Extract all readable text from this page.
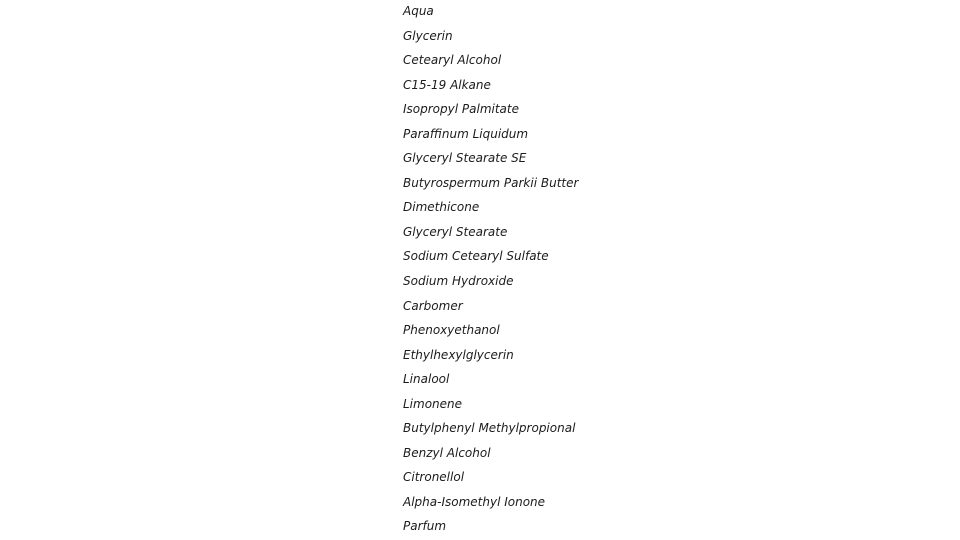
Aqua
Glycerin
Cetearyl Alcohol
C15-19 Alkane
Isopropyl Palmitate
Paraffinum Liquidum
Glyceryl Stearate SE
Butyrospermum Parkii Butter
Dimethicone
Glyceryl Stearate
Sodium Cetearyl Sulfate
Sodium Hydroxide
Carbomer
Phenoxyethanol
Ethylhexylglycerin
Linalool
Limonene
Butylphenyl Methylpropional
Benzyl Alcohol
Citronellol
Alpha-Isomethyl Ionone
Parfum
